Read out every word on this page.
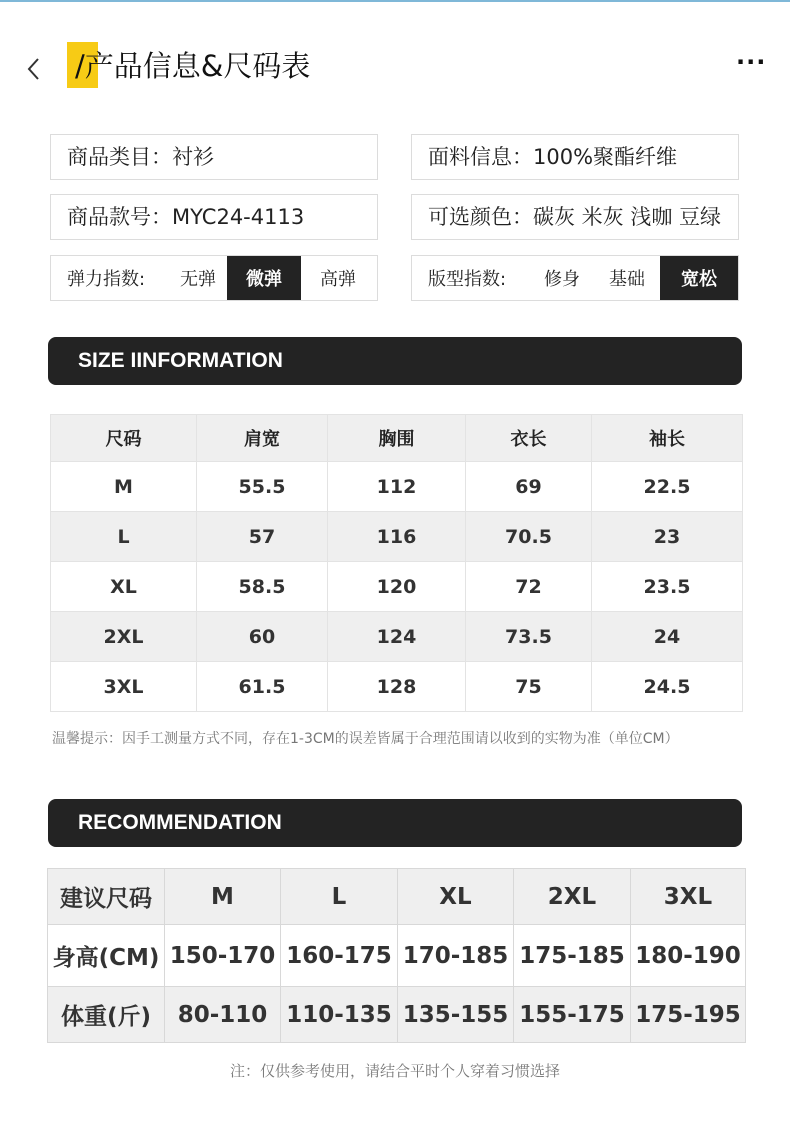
/产品信息&尺码表	···
商品类目：衬衫	面料信息：100%聚酯纤维
商品款号：MYC24-4113	可选颜色：碳灰 米灰 浅咖 豆绿
弹力指数:	无弹	微弹	高弹	版型指数:	修身	基础	宽松
SIZE IINFORMATION
尺码	肩宽	胸围	衣长	袖长
M	55.5	112	69	22.5
L	57	116	70.5	23
XL	58.5	120	72	23.5
2XL	60	124	73.5	24
3XL	61.5	128	75	24.5
温馨提示：因手工测量方式不同，存在1-3CM的误差皆属于合理范围请以收到的实物为准（单位CM）
RECOMMENDATION
建议尺码	M	L	XL	2XL	3XL
身高(CM)	150-170	160-175	170-185	175-185	180-190
体重(斤)	80-110	110-135	135-155	155-175	175-195
注：仅供参考使用，请结合平时个人穿着习惯选择
